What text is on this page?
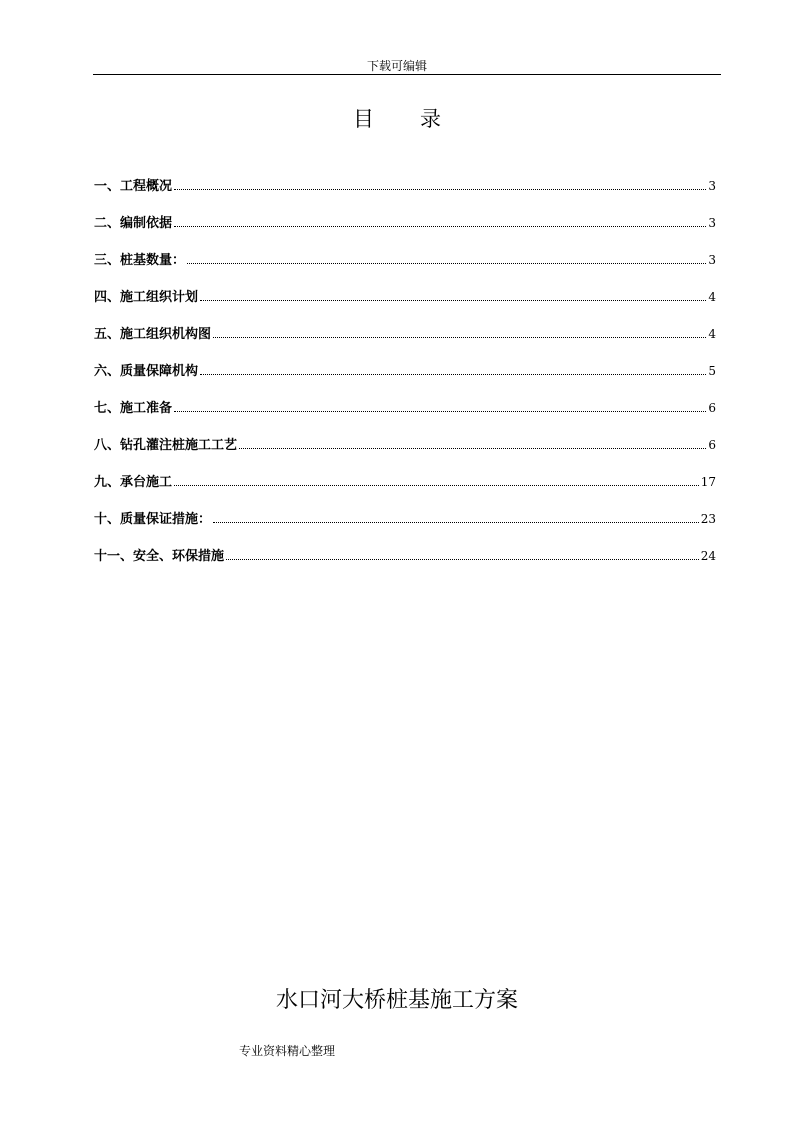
下载可编辑
目 录
一、工程概况	3
二、编制依据	3
三、桩基数量：	3
四、施工组织计划	4
五、施工组织机构图	4
六、质量保障机构	5
七、施工准备	6
八、钻孔灌注桩施工工艺	6
九、承台施工	17
十、质量保证措施：	23
十一、安全、环保措施	24
水口河大桥桩基施工方案
专业资料精心整理
